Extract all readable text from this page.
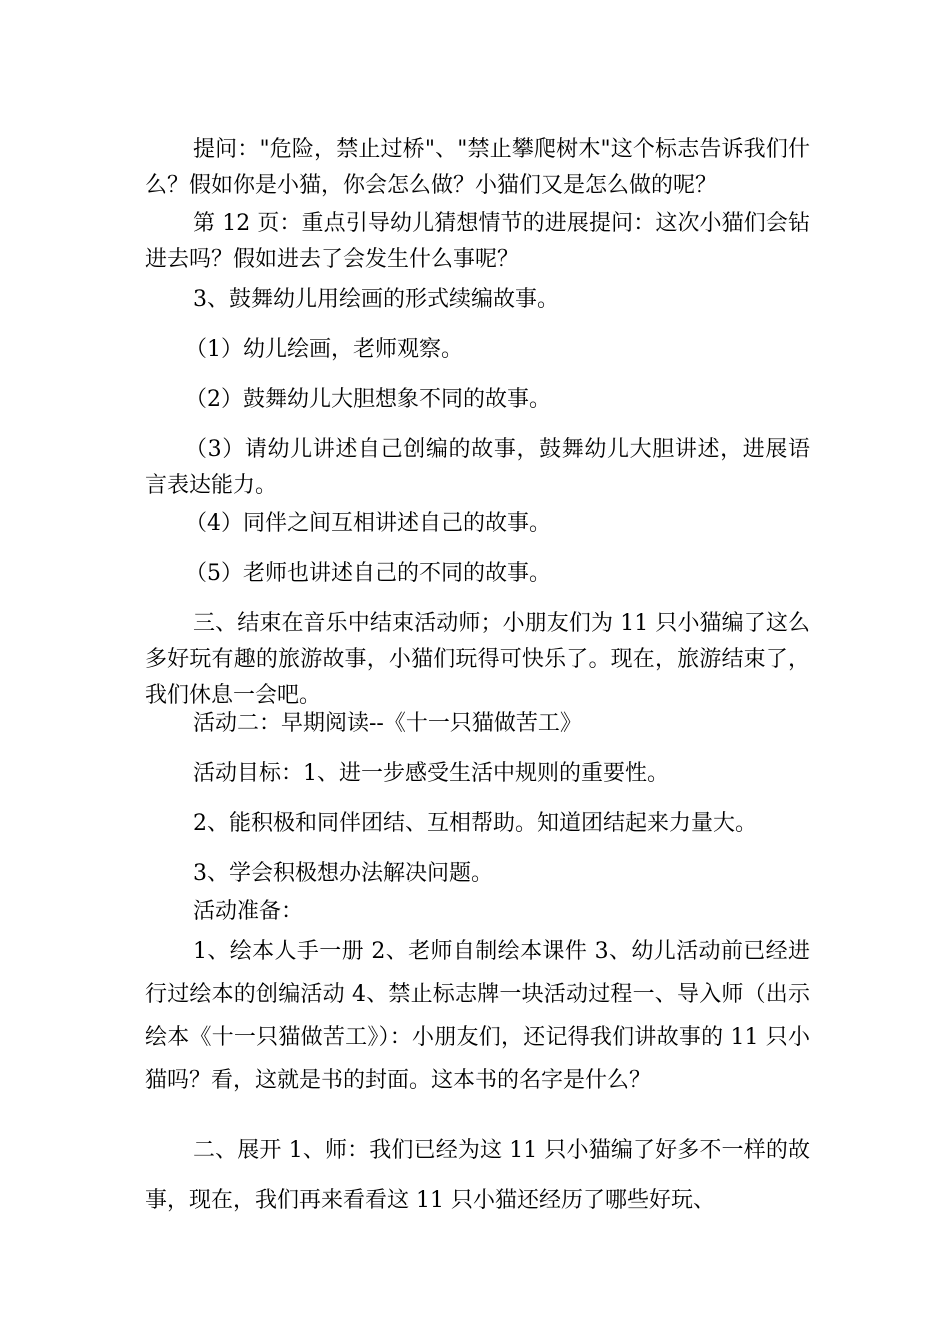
提问："危险，禁止过桥"、"禁止攀爬树木"这个标志告诉我们什么？假如你是小猫，你会怎么做？小猫们又是怎么做的呢？

第 12 页：重点引导幼儿猜想情节的进展提问：这次小猫们会钻进去吗？假如进去了会发生什么事呢？

3、鼓舞幼儿用绘画的形式续编故事。

（1）幼儿绘画，老师观察。

（2）鼓舞幼儿大胆想象不同的故事。

（3）请幼儿讲述自己创编的故事，鼓舞幼儿大胆讲述，进展语言表达能力。

（4）同伴之间互相讲述自己的故事。

（5）老师也讲述自己的不同的故事。

三、结束在音乐中结束活动师；小朋友们为 11 只小猫编了这么多好玩有趣的旅游故事，小猫们玩得可快乐了。现在，旅游结束了，我们休息一会吧。

活动二：早期阅读--《十一只猫做苦工》

活动目标：1、进一步感受生活中规则的重要性。

2、能积极和同伴团结、互相帮助。知道团结起来力量大。

3、学会积极想办法解决问题。

活动准备：

1、绘本人手一册 2、老师自制绘本课件 3、幼儿活动前已经进行过绘本的创编活动 4、禁止标志牌一块活动过程一、导入师（出示绘本《十一只猫做苦工》）：小朋友们，还记得我们讲故事的 11 只小猫吗？看，这就是书的封面。这本书的名字是什么？

二、展开 1、师：我们已经为这 11 只小猫编了好多不一样的故事，现在，我们再来看看这 11 只小猫还经历了哪些好玩、
